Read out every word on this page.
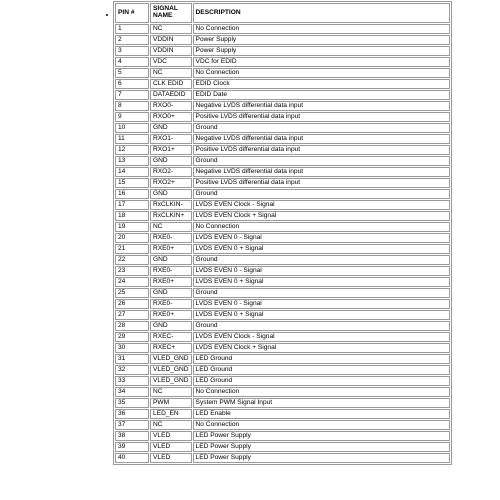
PIN #	SIGNAL NAME	DESCRIPTION
1	NC	No Connection
2	VDDIN	Power Supply
3	VDDIN	Power Supply
4	VDC	VDC for EDID
5	NC	No Connection
6	CLK EDID	EDID Clock
7	DATAEDID	EDID Date
8	RXO0-	Negative LVDS differential data input
9	RXO0+	Positive LVDS differential data input
10	GND	Ground
11	RXO1-	Negative LVDS differential data input
12	RXO1+	Positive LVDS differential data input
13	GND	Ground
14	RXO2-	Negative LVDS differential data input
15	RXO2+	Positive LVDS differential data input
16	GND	Ground
17	RxCLKIN-	LVDS EVEN Clock - Signal
18	RxCLKIN+	LVDS EVEN Clock + Signal
19	NC	No Connection
20	RXE0-	LVDS EVEN 0 - Signal
21	RXE0+	LVDS EVEN 0 + Signal
22	GND	Ground
23	RXE0-	LVDS EVEN 0 - Signal
24	RXE0+	LVDS EVEN 0 + Signal
25	GND	Ground
26	RXE0-	LVDS EVEN 0 - Signal
27	RXE0+	LVDS EVEN 0 + Signal
28	GND	Ground
29	RXEC-	LVDS EVEN Clock - Signal
30	RXEC+	LVDS EVEN Clock + Signal
31	VLED_GND	LED Ground
32	VLED_GND	LED Ground
33	VLED_GND	LED Ground
34	NC	No Connection
35	PWM	System PWM Signal Input
36	LED_EN	LED Enable
37	NC	No Connection
38	VLED	LED Power Supply
39	VLED	LED Power Supply
40	VLED	LED Power Supply
